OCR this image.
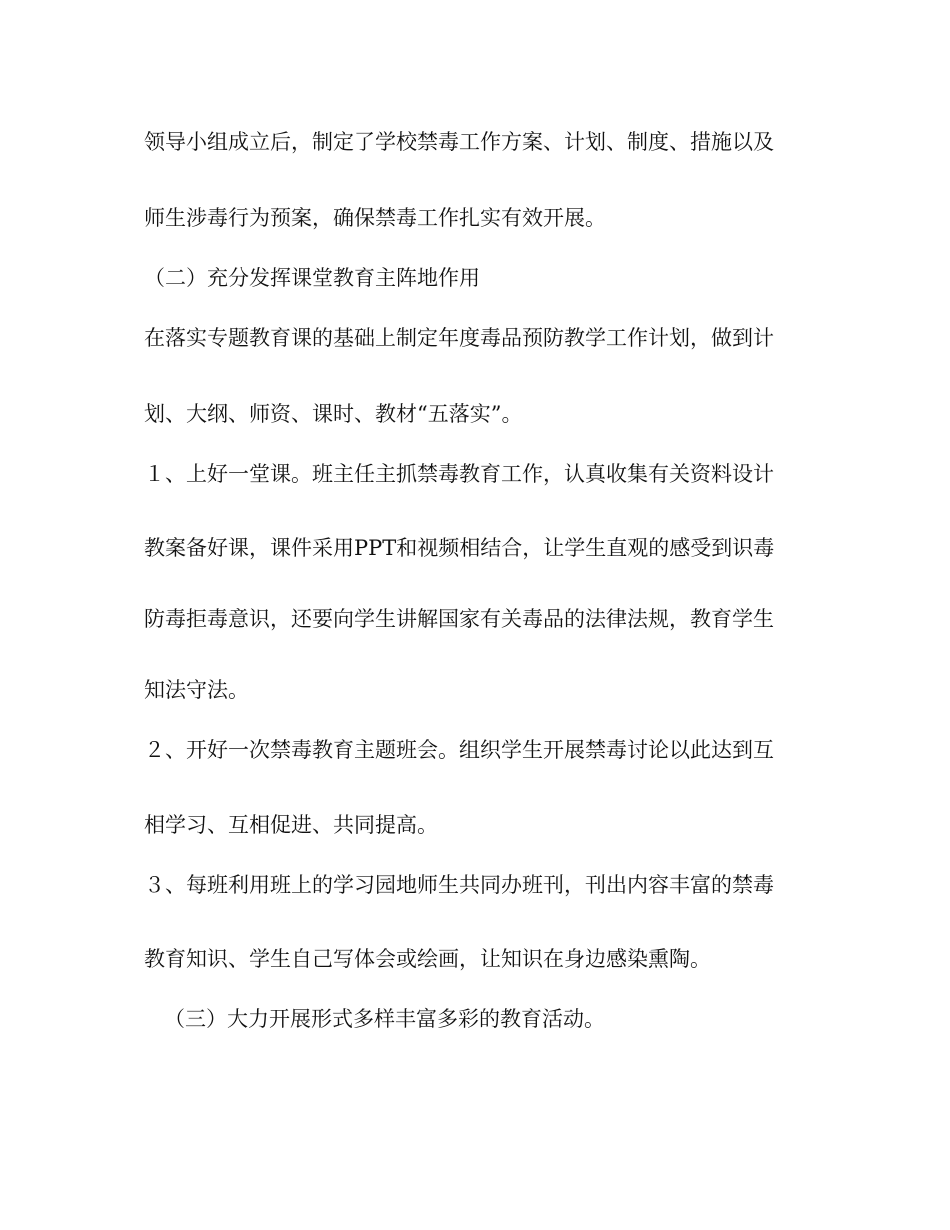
领导小组成立后，制定了学校禁毒工作方案、计划、制度、措施以及
师生涉毒行为预案，确保禁毒工作扎实有效开展。
（二）充分发挥课堂教育主阵地作用
在落实专题教育课的基础上制定年度毒品预防教学工作计划，做到计
划、大纲、师资、课时、教材“五落实”。
１、上好一堂课。班主任主抓禁毒教育工作，认真收集有关资料设计
教案备好课，课件采用PPT和视频相结合，让学生直观的感受到识毒
防毒拒毒意识，还要向学生讲解国家有关毒品的法律法规，教育学生
知法守法。
２、开好一次禁毒教育主题班会。组织学生开展禁毒讨论以此达到互
相学习、互相促进、共同提高。
３、每班利用班上的学习园地师生共同办班刊，刊出内容丰富的禁毒
教育知识、学生自己写体会或绘画，让知识在身边感染熏陶。
（三）大力开展形式多样丰富多彩的教育活动。
